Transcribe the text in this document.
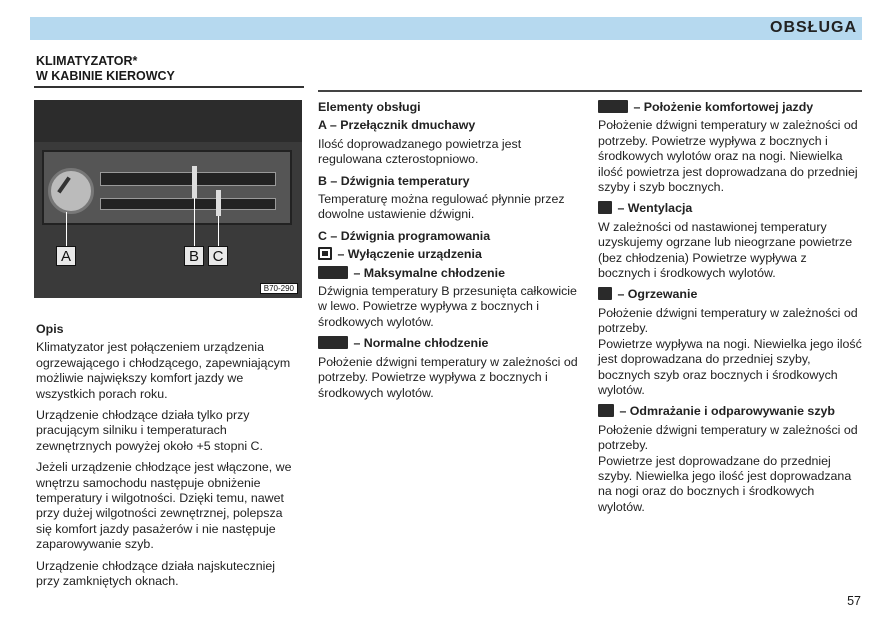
OBSŁUGA
KLIMATYZATOR*
W KABINIE KIEROWCY
A	B C
B70-290

Opis

Klimatyzator jest połączeniem urządzenia ogrzewającego i chłodzącego, zapewniającym możliwie największy komfort jazdy we wszystkich porach roku.

Urządzenie chłodzące działa tylko przy pracującym silniku i temperaturach zewnętrznych powyżej około +5 stopni C.

Jeżeli urządzenie chłodzące jest włączone, we wnętrzu samochodu następuje obniżenie temperatury i wilgotności. Dzięki temu, nawet przy dużej wilgotności zewnętrznej, polepsza się komfort jazdy pasażerów i nie następuje zaparowywanie szyb.

Urządzenie chłodzące działa najskuteczniej przy zamkniętych oknach.

Elementy obsługi

A – Przełącznik dmuchawy

Ilość doprowadzanego powietrza jest regulowana czterostopniowo.

B – Dźwignia temperatury

Temperaturę można regulować płynnie przez dowolne ustawienie dźwigni.

C – Dźwignia programowania

– Wyłączenie urządzenia

– Maksymalne chłodzenie

Dźwignia temperatury B przesunięta całkowicie w lewo. Powietrze wypływa z bocznych i środkowych wylotów.

– Normalne chłodzenie

Położenie dźwigni temperatury w zależności od potrzeby. Powietrze wypływa z bocznych i środkowych wylotów.

– Położenie komfortowej jazdy

Położenie dźwigni temperatury w zależności od potrzeby. Powietrze wypływa z bocznych i środkowych wylotów oraz na nogi. Niewielka ilość powietrza jest doprowadzana do przedniej szyby i szyb bocznych.

– Wentylacja

W zależności od nastawionej temperatury uzyskujemy ogrzane lub nieogrzane powietrze (bez chłodzenia) Powietrze wypływa z bocznych i środkowych wylotów.

– Ogrzewanie

Położenie dźwigni temperatury w zależności od potrzeby.

Powietrze wypływa na nogi. Niewielka jego ilość jest doprowadzana do przedniej szyby, bocznych szyb oraz bocznych i środkowych wylotów.

– Odmrażanie i odparowywanie szyb

Położenie dźwigni temperatury w zależności od potrzeby.

Powietrze jest doprowadzane do przedniej szyby. Niewielka jego ilość jest doprowadzana na nogi oraz do bocznych i środkowych wylotów.

57
